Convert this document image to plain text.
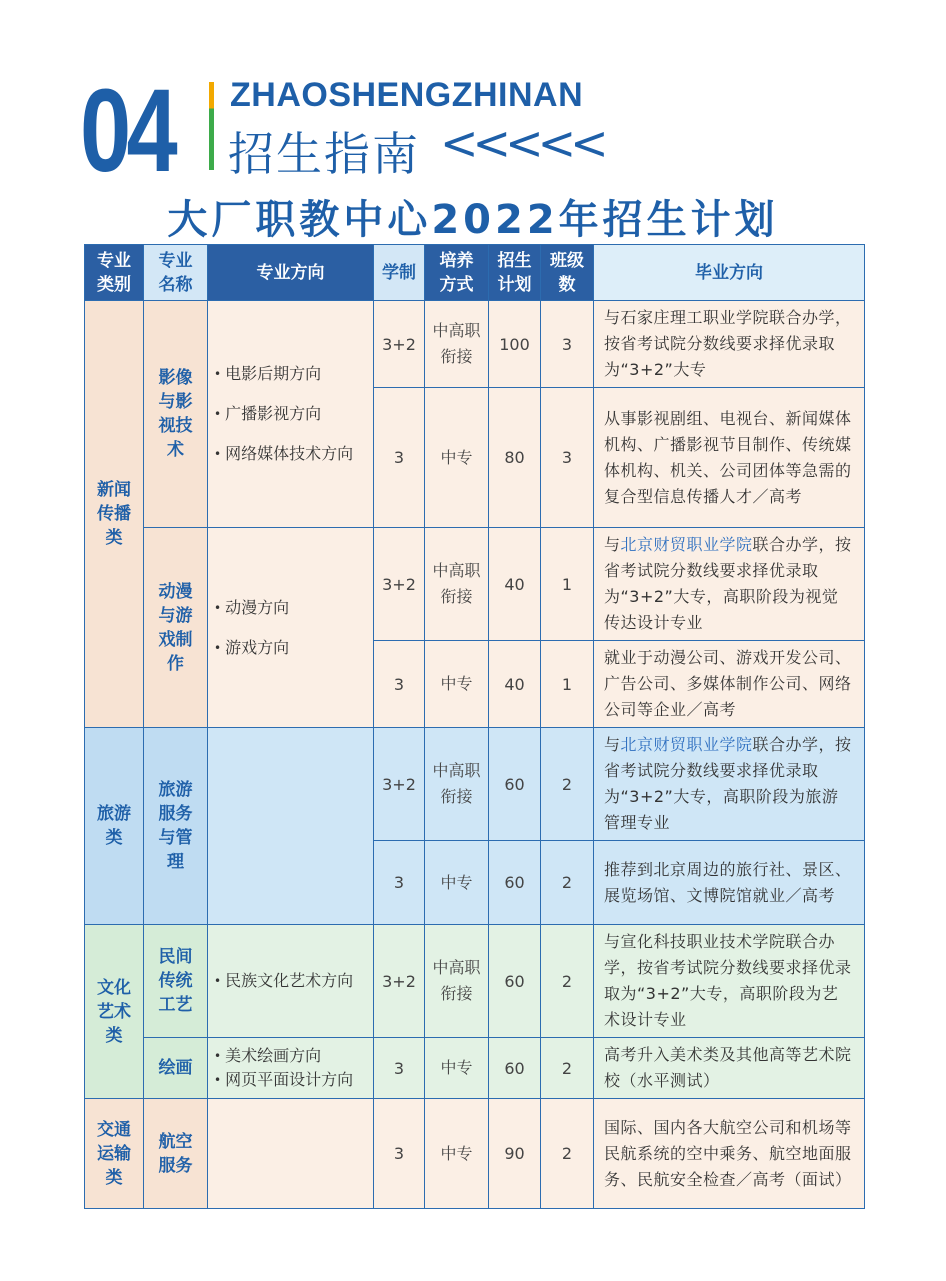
04 ZHAOSHENGZHINAN
招生指南 <<<<<
大厂职教中心2022年招生计划
专业类别	专业名称	专业方向	学制	培养方式	招生计划	班级数	毕业方向
新闻传播类	影像与影视技术	• 电影后期方向
• 广播影视方向
• 网络媒体技术方向	3+2	中高职衔接	100	3	与石家庄理工职业学院联合办学，按省考试院分数线要求择优录取为“3+2”大专
			3	中专	80	3	从事影视剧组、电视台、新闻媒体机构、广播影视节目制作、传统媒体机构、机关、公司团体等急需的复合型信息传播人才／高考
	动漫与游戏制作	• 动漫方向
• 游戏方向	3+2	中高职衔接	40	1	与北京财贸职业学院联合办学，按省考试院分数线要求择优录取为“3+2”大专，高职阶段为视觉传达设计专业
			3	中专	40	1	就业于动漫公司、游戏开发公司、广告公司、多媒体制作公司、网络公司等企业／高考
旅游类	旅游服务与管理		3+2	中高职衔接	60	2	与北京财贸职业学院联合办学，按省考试院分数线要求择优录取为“3+2”大专，高职阶段为旅游管理专业
			3	中专	60	2	推荐到北京周边的旅行社、景区、展览场馆、文博院馆就业／高考
文化艺术类	民间传统工艺	• 民族文化艺术方向	3+2	中高职衔接	60	2	与宣化科技职业技术学院联合办学，按省考试院分数线要求择优录取为“3+2”大专，高职阶段为艺术设计专业
	绘画	• 美术绘画方向
• 网页平面设计方向	3	中专	60	2	高考升入美术类及其他高等艺术院校（水平测试）
交通运输类	航空服务		3	中专	90	2	国际、国内各大航空公司和机场等民航系统的空中乘务、航空地面服务、民航安全检查／高考（面试）
